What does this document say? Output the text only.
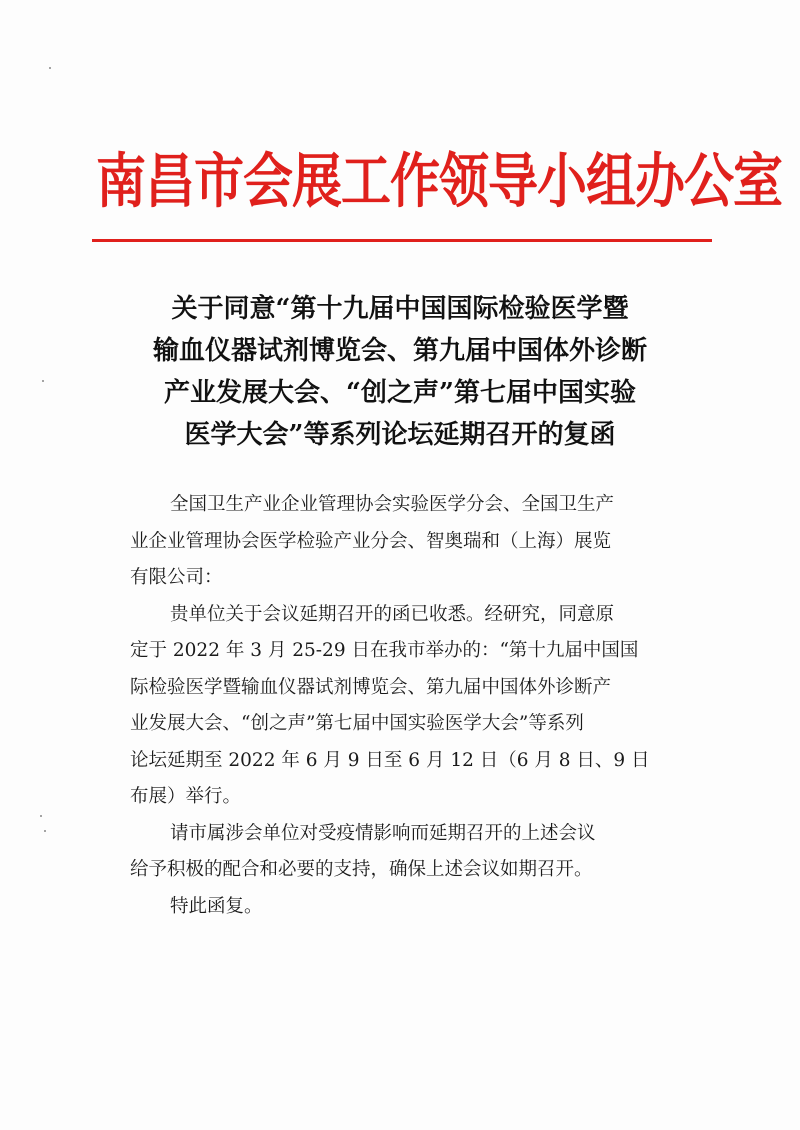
南昌市会展工作领导小组办公室
关于同意“第十九届中国国际检验医学暨
输血仪器试剂博览会、第九届中国体外诊断
产业发展大会、“创之声”第七届中国实验
医学大会”等系列论坛延期召开的复函
全国卫生产业企业管理协会实验医学分会、全国卫生产
业企业管理协会医学检验产业分会、智奥瑞和（上海）展览
有限公司：
贵单位关于会议延期召开的函已收悉。经研究，同意原
定于 2022 年 3 月 25-29 日在我市举办的：“第十九届中国国
际检验医学暨输血仪器试剂博览会、第九届中国体外诊断产
业发展大会、“创之声”第七届中国实验医学大会”等系列
论坛延期至 2022 年 6 月 9 日至 6 月 12 日（6 月 8 日、9 日
布展）举行。
请市属涉会单位对受疫情影响而延期召开的上述会议
给予积极的配合和必要的支持，确保上述会议如期召开。
特此函复。
